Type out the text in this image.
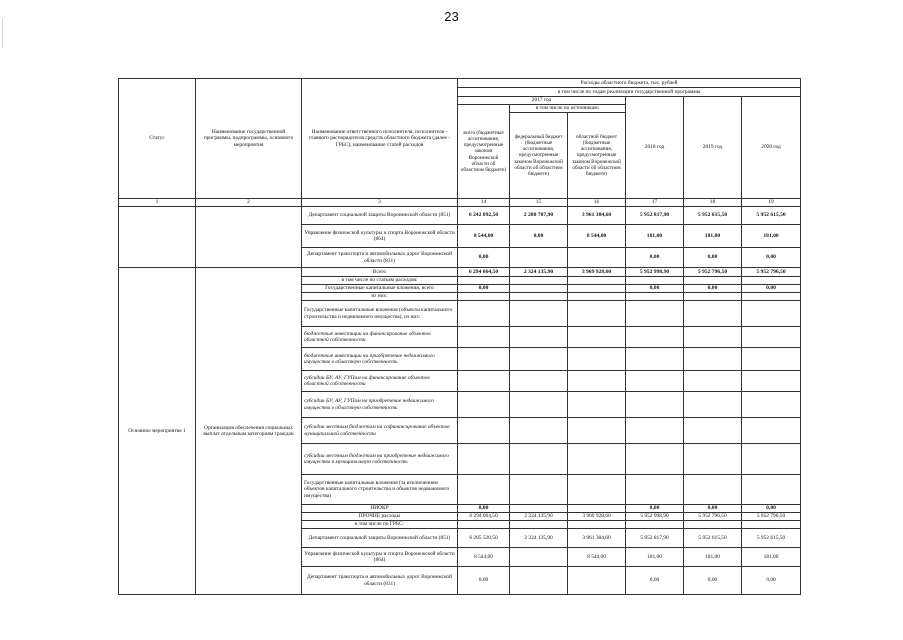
23
Статус	Наименование государственной программы, подпрограммы, основного мероприятия	Наименование ответственного исполнителя, исполнителя - главного распорядителя средств областного бюджета (далее - ГРБС), наименование статей расходов	Расходы областного бюджета, тыс. рублей					
			в том числе по годам реализации государственной программы					
			2017 год			2018 год	2019 год	2020 год
			всего (бюджетные ассигнования, предусмотренные законом Воронежской области об областном бюджете)	в том числе по источникам:				
				федеральный бюджет (бюджетные ассигнования, предусмотренные законом Воронежской области об областном бюджете)	областной бюджет (бюджетные ассигнования, предусмотренные законом Воронежской области об областном бюджете)			
1	2	3	14	15	16	17	18	19
		Департамент социальной защиты Воронежской области (851)	6 242 092,50	2 280 707,90	3 961 384,60	5 952 817,90	5 952 615,50	5 952 615,50
		Управление физической культуры и спорта Воронежской области (864)	8 544,00	0,00	8 544,00	181,00	181,00	181,00
		Департамент транспорта и автомобильных дорог Воронежской области (831)	0,00			0,00	0,00	0,00
Основное мероприятие 1	Организация обеспечения социальных выплат отдельным категориям граждан	Всего	6 294 064,50	2 324 135,90	3 969 928,60	5 952 998,90	5 952 796,50	5 952 796,50
		в том числе по статьям расходов:						
		Государственные капитальные вложения, всего	0,00			0,00	0,00	0,00
		из них:						
		Государственные капитальные вложения (объекты капитального строительства и недвижимого имущества), из них:						
		бюджетные инвестиции на финансирование объектов областной собственности						
		бюджетные инвестиции на приобретение недвижимого имущества в областную собственность						
		субсидии БУ, АУ, ГУПам на финансирование объектов областной собственности						
		субсидии БУ, АУ, ГУПам на приобретение недвижимого имущества в областную собственность						
		субсидии местным бюджетам на софинансирование объектов муниципальной собственности						
		субсидии местным бюджетам на приобретение недвижимого имущества в муниципальную собственность						
		Государственные капитальные вложения (за исключением объектов капитального строительства и объектов недвижимого имущества)						
		НИОКР	0,00			0,00	0,00	0,00
		ПРОЧИЕ расходы	6 294 064,50	2 324 135,90	3 969 928,60	5 952 998,90	5 952 796,50	5 952 796,50
		в том числе по ГРБС:						
		Департамент социальной защиты Воронежской области (851)	6 285 520,50	2 324 135,90	3 961 384,60	5 952 817,90	5 952 615,50	5 952 615,50
		Управление физической культуры и спорта Воронежской области (864)	8 544,00		8 544,00	181,00	181,00	181,00
		Департамент транспорта и автомобильных дорог Воронежской области (831)	0,00			0,00	0,00	0,00
